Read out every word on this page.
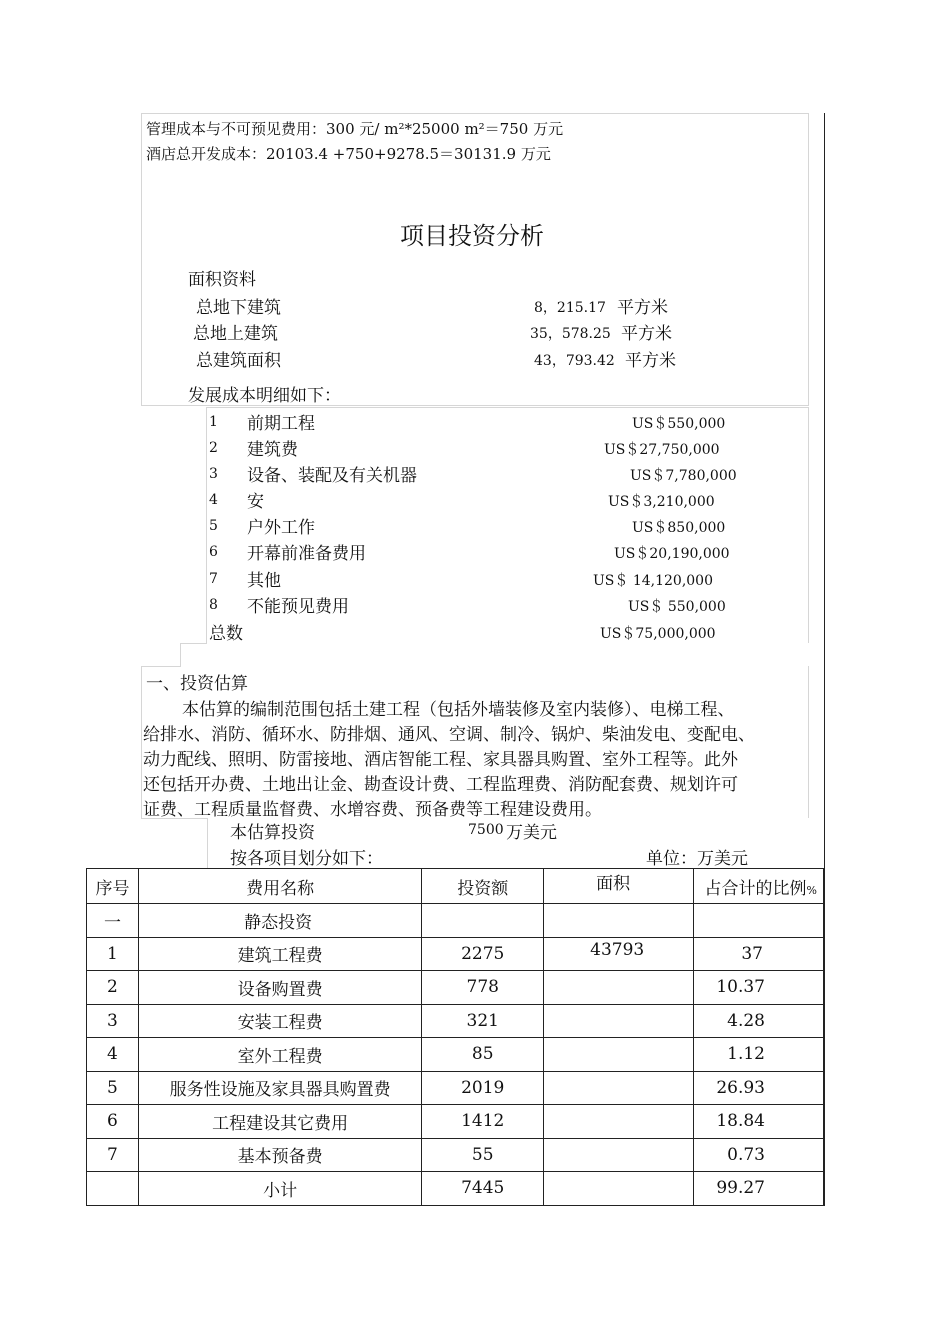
管理成本与不可预见费用：300 元/ m²*25000 m²＝750 万元
酒店总开发成本：20103.4 +750+9278.5＝30131.9 万元
项目投资分析
面积资料
总地下建筑	8，215.17 平方米
总地上建筑	35，578.25 平方米
总建筑面积	43，793.42 平方米
发展成本明细如下：
1 前期工程	US＄550,000
2 建筑费	US＄27,750,000
3 设备、装配及有关机器	US＄7,780,000
4 安	US＄3,210,000
5 户外工作	US＄850,000
6 开幕前准备费用	US＄20,190,000
7 其他	US＄ 14,120,000
8 不能预见费用	US＄ 550,000
总数	US＄75,000,000
一、投资估算
本估算的编制范围包括土建工程（包括外墙装修及室内装修）、电梯工程、
给排水、消防、循环水、防排烟、通风、空调、制冷、锅炉、柴油发电、变配电、
动力配线、照明、防雷接地、酒店智能工程、家具器具购置、室外工程等。此外
还包括开办费、土地出让金、勘查设计费、工程监理费、消防配套费、规划许可
证费、工程质量监督费、水增容费、预备费等工程建设费用。
本估算投资	7500 万美元
按各项目划分如下：	单位：万美元
序号	费用名称	投资额	面积	占合计的比例%
一	静态投资			
1	建筑工程费	2275	43793	37
2	设备购置费	778		10.37
3	安装工程费	321		4.28
4	室外工程费	85		1.12
5	服务性设施及家具器具购置费	2019		26.93
6	工程建设其它费用	1412		18.84
7	基本预备费	55		0.73
	小计	7445		99.27
